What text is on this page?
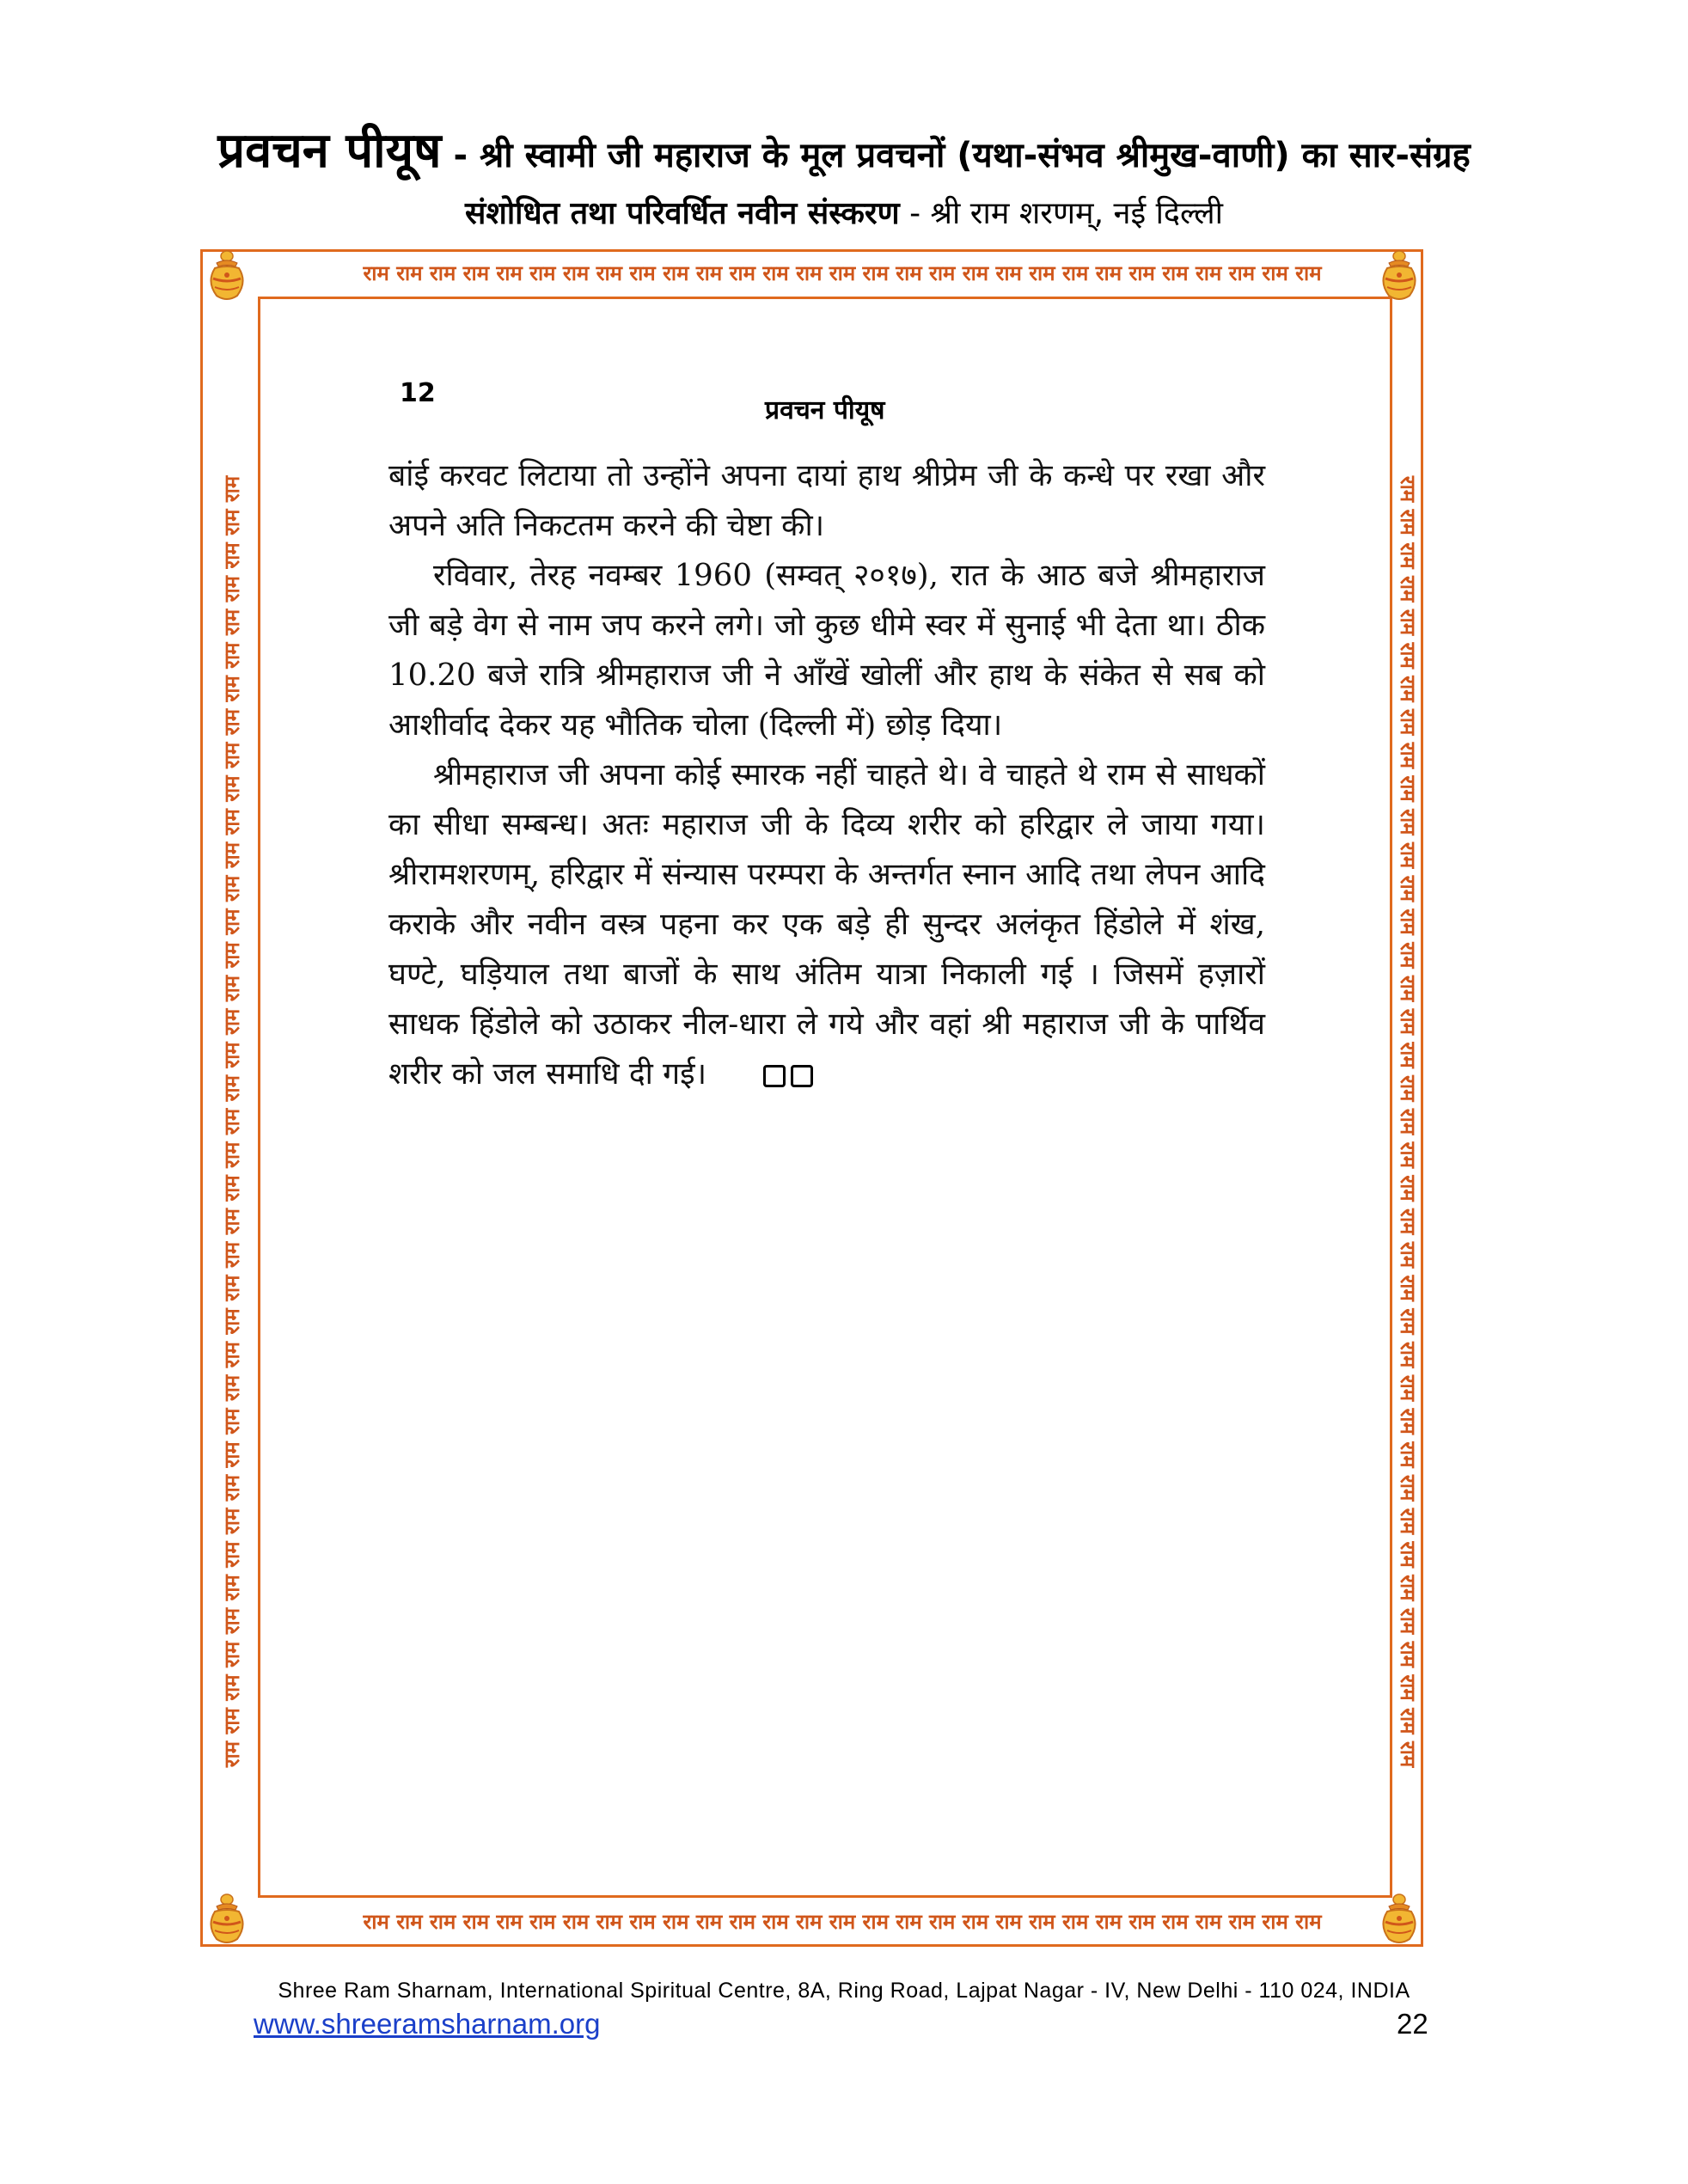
प्रवचन पीयूष - श्री स्वामी जी महाराज के मूल प्रवचनों (यथा-संभव श्रीमुख-वाणी) का सार-संग्रह
संशोधित तथा परिवर्धित नवीन संस्करण - श्री राम शरणम्, नई दिल्ली
राम राम राम राम राम राम राम राम राम राम राम राम राम राम राम राम राम राम राम राम राम राम राम राम राम राम राम राम राम
राम राम राम राम राम राम राम राम राम राम राम राम राम राम राम राम राम राम राम राम राम राम राम राम राम राम राम राम राम
राम राम राम राम राम राम राम राम राम राम राम राम राम राम राम राम राम राम राम राम राम राम राम राम राम राम राम राम राम राम राम राम राम राम राम राम राम राम राम	राम राम राम राम राम राम राम राम राम राम राम राम राम राम राम राम राम राम राम राम राम राम राम राम राम राम राम राम राम राम राम राम राम राम राम राम राम राम राम
12
प्रवचन पीयूष

बांई करवट लिटाया तो उन्होंने अपना दायां हाथ श्रीप्रेम जी के कन्धे पर रखा और अपने अति निकटतम करने की चेष्टा की।

रविवार, तेरह नवम्बर 1960 (सम्वत् २०१७), रात के आठ बजे श्रीमहाराज जी बड़े वेग से नाम जप करने लगे। जो कुछ धीमे स्वर में सुनाई भी देता था। ठीक 10.20 बजे रात्रि श्रीमहाराज जी ने आँखें खोलीं और हाथ के संकेत से सब को आशीर्वाद देकर यह भौतिक चोला (दिल्ली में) छोड़ दिया।

श्रीमहाराज जी अपना कोई स्मारक नहीं चाहते थे। वे चाहते थे राम से साधकों का सीधा सम्बन्ध। अतः महाराज जी के दिव्य शरीर को हरिद्वार ले जाया गया। श्रीरामशरणम्, हरिद्वार में संन्यास परम्परा के अन्तर्गत स्नान आदि तथा लेपन आदि कराके और नवीन वस्त्र पहना कर एक बड़े ही सुन्दर अलंकृत हिंडोले में शंख, घण्टे, घड़ियाल तथा बाजों के साथ अंतिम यात्रा निकाली गई । जिसमें हज़ारों साधक हिंडोले को उठाकर नील-धारा ले गये और वहां श्री महाराज जी के पार्थिव शरीर को जल समाधि दी गई।

Shree Ram Sharnam, International Spiritual Centre, 8A, Ring Road, Lajpat Nagar - IV, New Delhi - 110 024, INDIA
www.shreeramsharnam.org	22
